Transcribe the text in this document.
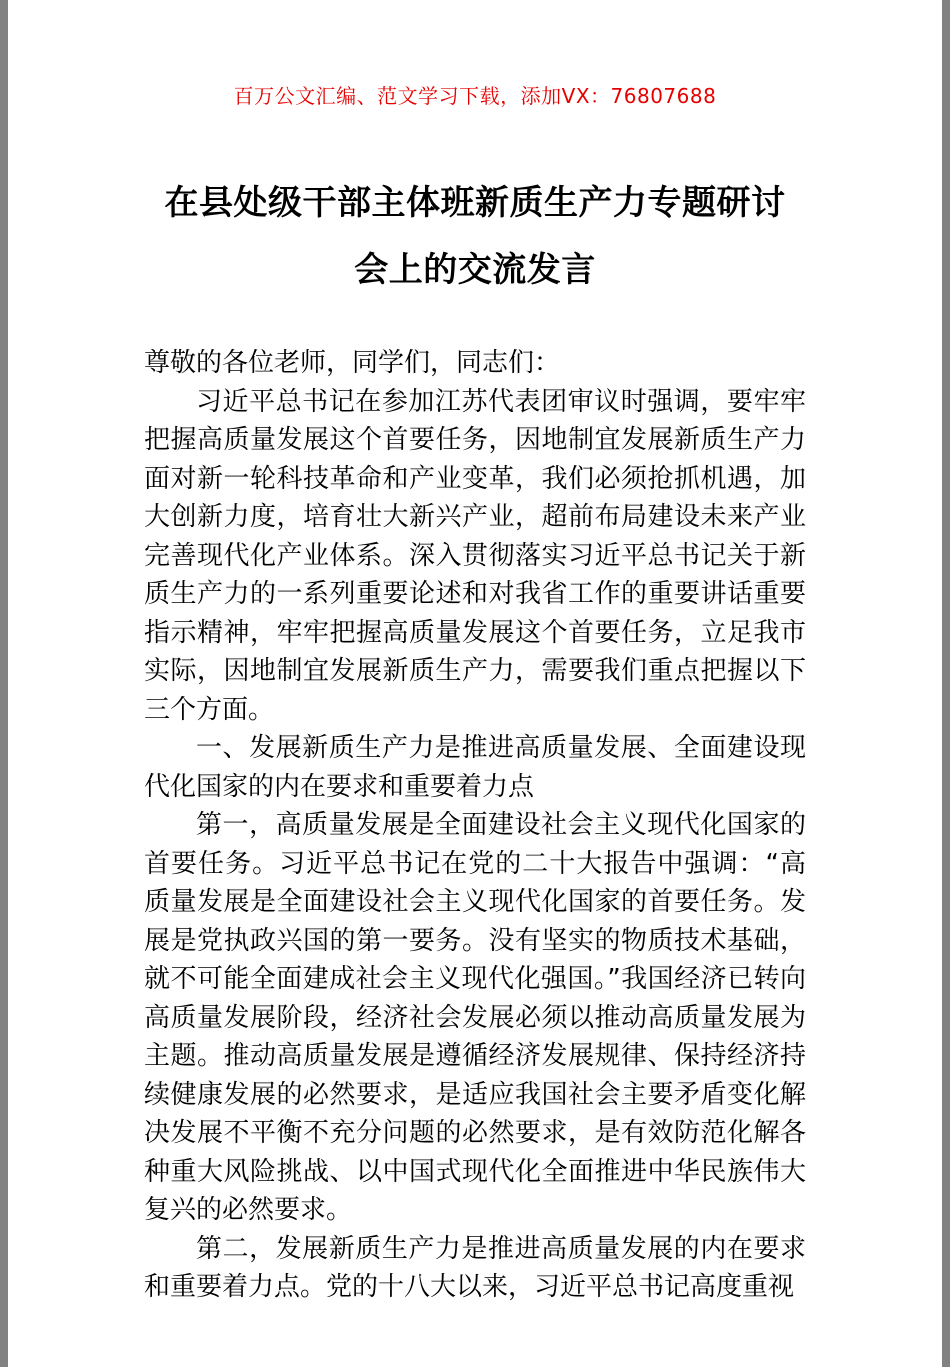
百万公文汇编、范文学习下载，添加VX：76807688
在县处级干部主体班新质生产力专题研讨
会上的交流发言

尊敬的各位老师，同学们，同志们：

习近平总书记在参加江苏代表团审议时强调，要牢牢把握高质量发展这个首要任务，因地制宜发展新质生产力面对新一轮科技革命和产业变革，我们必须抢抓机遇，加大创新力度，培育壮大新兴产业，超前布局建设未来产业完善现代化产业体系。深入贯彻落实习近平总书记关于新质生产力的一系列重要论述和对我省工作的重要讲话重要指示精神，牢牢把握高质量发展这个首要任务，立足我市实际，因地制宜发展新质生产力，需要我们重点把握以下三个方面。

一、发展新质生产力是推进高质量发展、全面建设现代化国家的内在要求和重要着力点

第一，高质量发展是全面建设社会主义现代化国家的首要任务。习近平总书记在党的二十大报告中强调：“高质量发展是全面建设社会主义现代化国家的首要任务。发展是党执政兴国的第一要务。没有坚实的物质技术基础，就不可能全面建成社会主义现代化强国。”我国经济已转向高质量发展阶段，经济社会发展必须以推动高质量发展为主题。推动高质量发展是遵循经济发展规律、保持经济持续健康发展的必然要求，是适应我国社会主要矛盾变化解决发展不平衡不充分问题的必然要求，是有效防范化解各种重大风险挑战、以中国式现代化全面推进中华民族伟大复兴的必然要求。

第二，发展新质生产力是推进高质量发展的内在要求和重要着力点。党的十八大以来，习近平总书记高度重视
